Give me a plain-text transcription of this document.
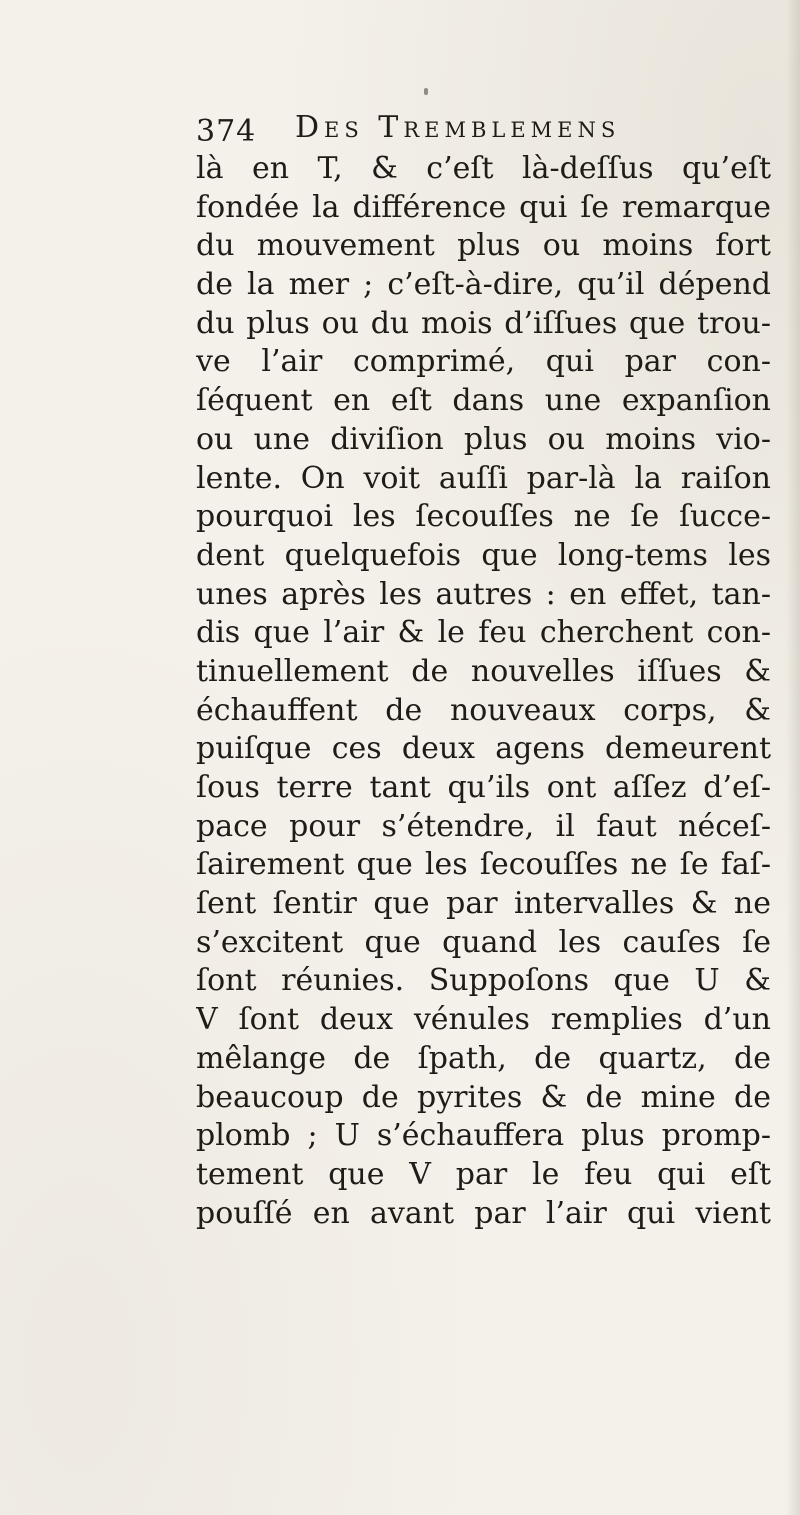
374 Des Tremblemens
là en T, & c’eſt là-deſſus qu’eſt
fondée la différence qui ſe remarque
du mouvement plus ou moins fort
de la mer ; c’eſt-à-dire, qu’il dépend
du plus ou du mois d’iſſues que trou-
ve l’air comprimé, qui par con-
ſéquent en eſt dans une expanſion
ou une diviſion plus ou moins vio-
lente. On voit auſſi par-là la raiſon
pourquoi les ſecouſſes ne ſe ſucce-
dent quelquefois que long-tems les
unes après les autres : en effet, tan-
dis que l’air & le feu cherchent con-
tinuellement de nouvelles iſſues &
échauffent de nouveaux corps, &
puiſque ces deux agens demeurent
ſous terre tant qu’ils ont aſſez d’eſ-
pace pour s’étendre, il faut néceſ-
ſairement que les ſecouſſes ne ſe faſ-
ſent ſentir que par intervalles & ne
s’excitent que quand les cauſes ſe
ſont réunies. Suppoſons que U &
V ſont deux vénules remplies d’un
mêlange de ſpath, de quartz, de
beaucoup de pyrites & de mine de
plomb ; U s’échauffera plus promp-
tement que V par le feu qui eſt
pouſſé en avant par l’air qui vient
